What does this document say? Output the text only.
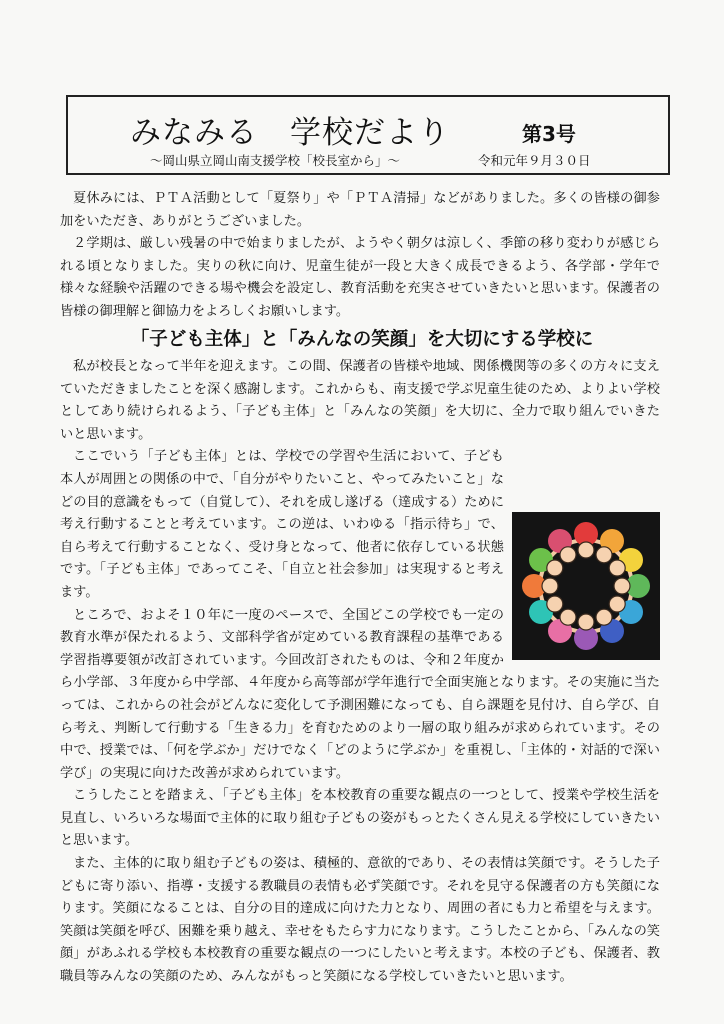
みなみる　学校だより	第3号
～岡山県立岡山南支援学校「校長室から」～	令和元年９月３０日

夏休みには、ＰＴＡ活動として「夏祭り」や「ＰＴＡ清掃」などがありました。多くの皆様の御参加をいただき、ありがとうございました。

２学期は、厳しい残暑の中で始まりましたが、ようやく朝夕は涼しく、季節の移り変わりが感じられる頃となりました。実りの秋に向け、児童生徒が一段と大きく成長できるよう、各学部・学年で様々な経験や活躍のできる場や機会を設定し、教育活動を充実させていきたいと思います。保護者の皆様の御理解と御協力をよろしくお願いします。

「子ども主体」と「みんなの笑顔」を大切にする学校に

私が校長となって半年を迎えます。この間、保護者の皆様や地域、関係機関等の多くの方々に支えていただきましたことを深く感謝します。これからも、南支援で学ぶ児童生徒のため、よりよい学校としてあり続けられるよう、「子ども主体」と「みんなの笑顔」を大切に、全力で取り組んでいきたいと思います。

ここでいう「子ども主体」とは、学校での学習や生活において、子ども本人が周囲との関係の中で、「自分がやりたいこと、やってみたいこと」などの目的意識をもって（自覚して）、それを成し遂げる（達成する）ために考え行動することと考えています。この逆は、いわゆる「指示待ち」で、自ら考えて行動することなく、受け身となって、他者に依存している状態です。「子ども主体」であってこそ、「自立と社会参加」は実現すると考えます。

ところで、およそ１０年に一度のペースで、全国どこの学校でも一定の教育水準が保たれるよう、文部科学省が定めている教育課程の基準である学習指導要領が改訂されています。今回改訂されたものは、令和２年度から小学部、３年度から中学部、４年度から高等部が学年進行で全面実施となります。その実施に当たっては、これからの社会がどんなに変化して予測困難になっても、自ら課題を見付け、自ら学び、自ら考え、判断して行動する「生きる力」を育むためのより一層の取り組みが求められています。その中で、授業では、「何を学ぶか」だけでなく「どのように学ぶか」を重視し、「主体的・対話的で深い学び」の実現に向けた改善が求められています。

こうしたことを踏まえ、「子ども主体」を本校教育の重要な観点の一つとして、授業や学校生活を見直し、いろいろな場面で主体的に取り組む子どもの姿がもっとたくさん見える学校にしていきたいと思います。

また、主体的に取り組む子どもの姿は、積極的、意欲的であり、その表情は笑顔です。そうした子どもに寄り添い、指導・支援する教職員の表情も必ず笑顔です。それを見守る保護者の方も笑顔になります。笑顔になることは、自分の目的達成に向けた力となり、周囲の者にも力と希望を与えます。笑顔は笑顔を呼び、困難を乗り越え、幸せをもたらす力になります。こうしたことから、「みんなの笑顔」があふれる学校も本校教育の重要な観点の一つにしたいと考えます。本校の子ども、保護者、教職員等みんなの笑顔のため、みんながもっと笑顔になる学校していきたいと思います。
